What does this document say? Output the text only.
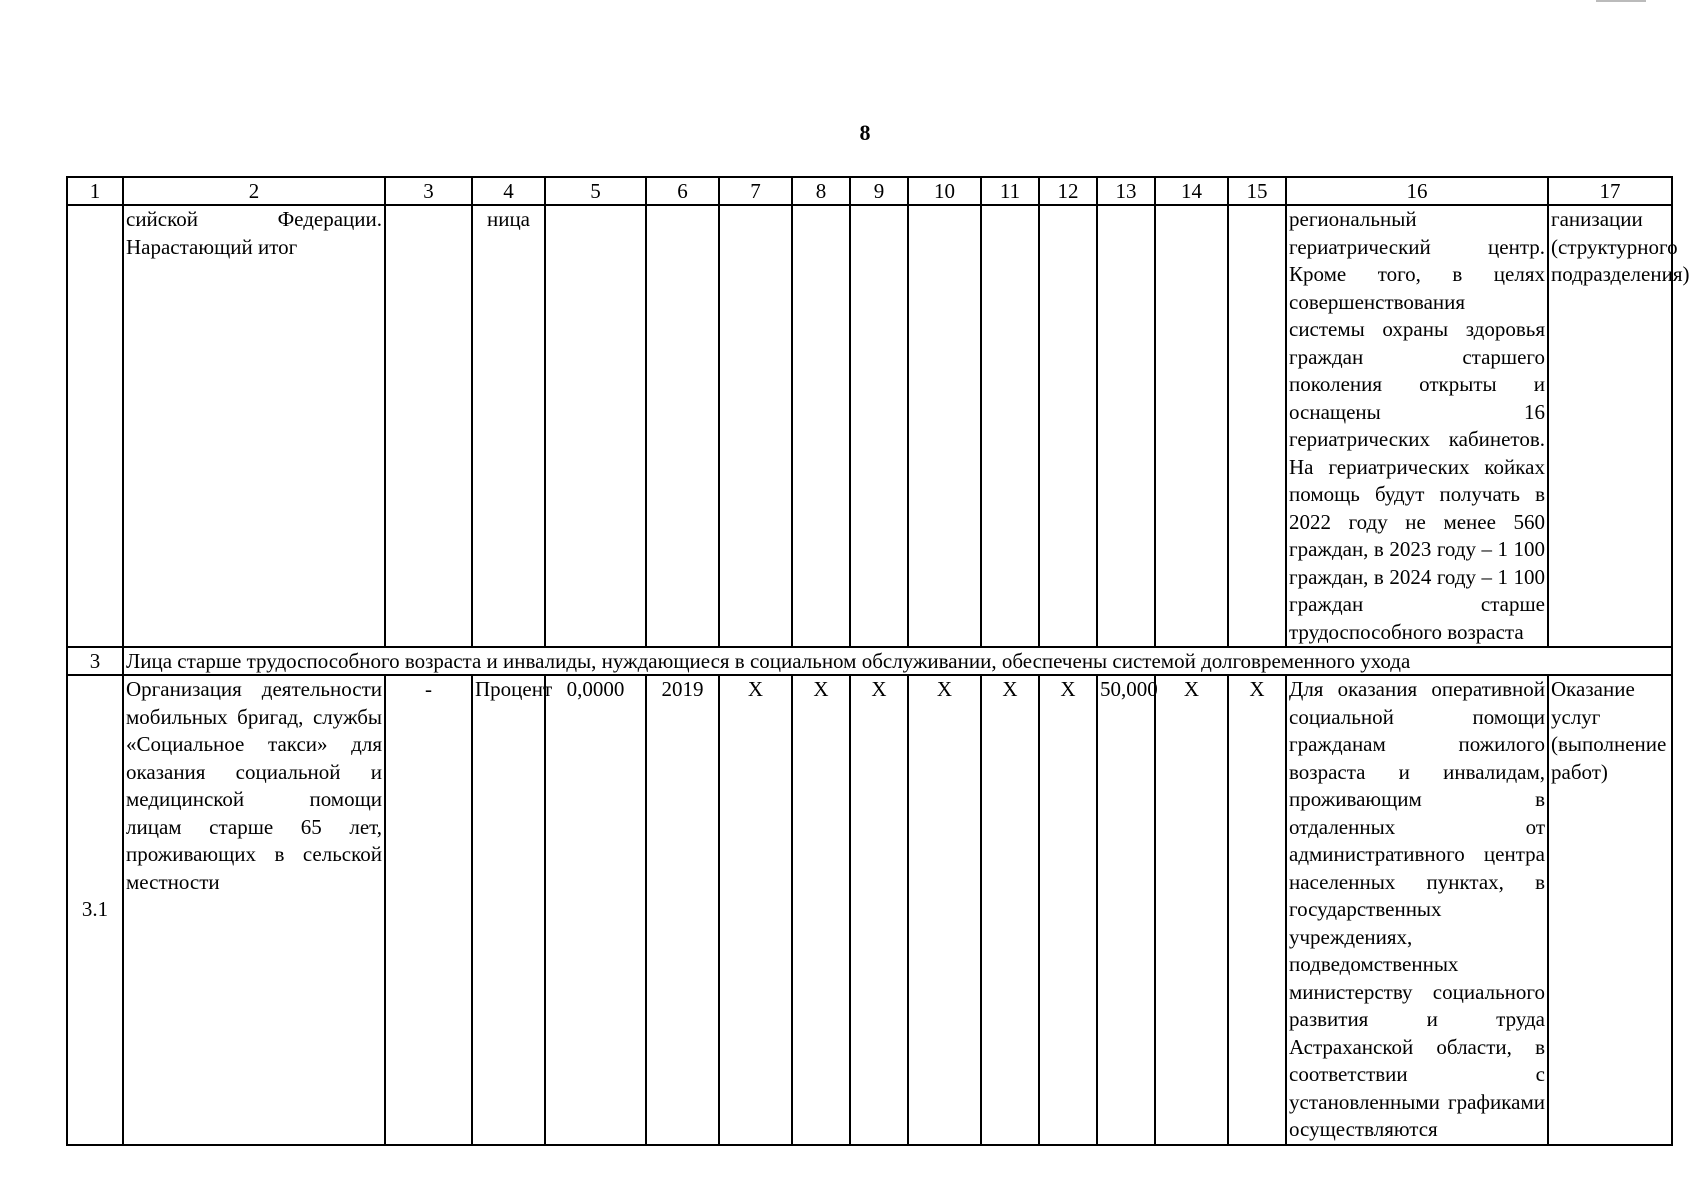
8
1	2	3	4	5	6	7	8	9	10	11	12	13	14	15	16	17
	сийской Федерации. Нарастающий итог		ница												региональный гериатрический центр. Кроме того, в целях совершенствования системы охраны здоровья граждан старшего поколения открыты и оснащены 16 гериатрических кабинетов. На гериатрических койках помощь будут получать в 2022 году не менее 560 граждан, в 2023 году – 1 100 граждан, в 2024 году – 1 100 граждан старше трудоспособного возраста	ганизации (структурного подразделения)
3	Лица старше трудоспособного возраста и инвалиды, нуждающиеся в социальном обслуживании, обеспечены системой долговременного ухода															
3.1	Организация деятельности мобильных бригад, службы «Социальное такси» для оказания социальной и медицинской помощи лицам старше 65 лет, проживающих в сельской местности	-	Процент	0,0000	2019	X	X	X	X	X	X	50,000	X	X	Для оказания оперативной социальной помощи гражданам пожилого возраста и инвалидам, проживающим в отдаленных от административного центра населенных пунктах, в государственных учреждениях, подведомственных министерству социального развития и труда Астраханской области, в соответствии с установленными графиками осуществляются	Оказание услуг (выполнение работ)
